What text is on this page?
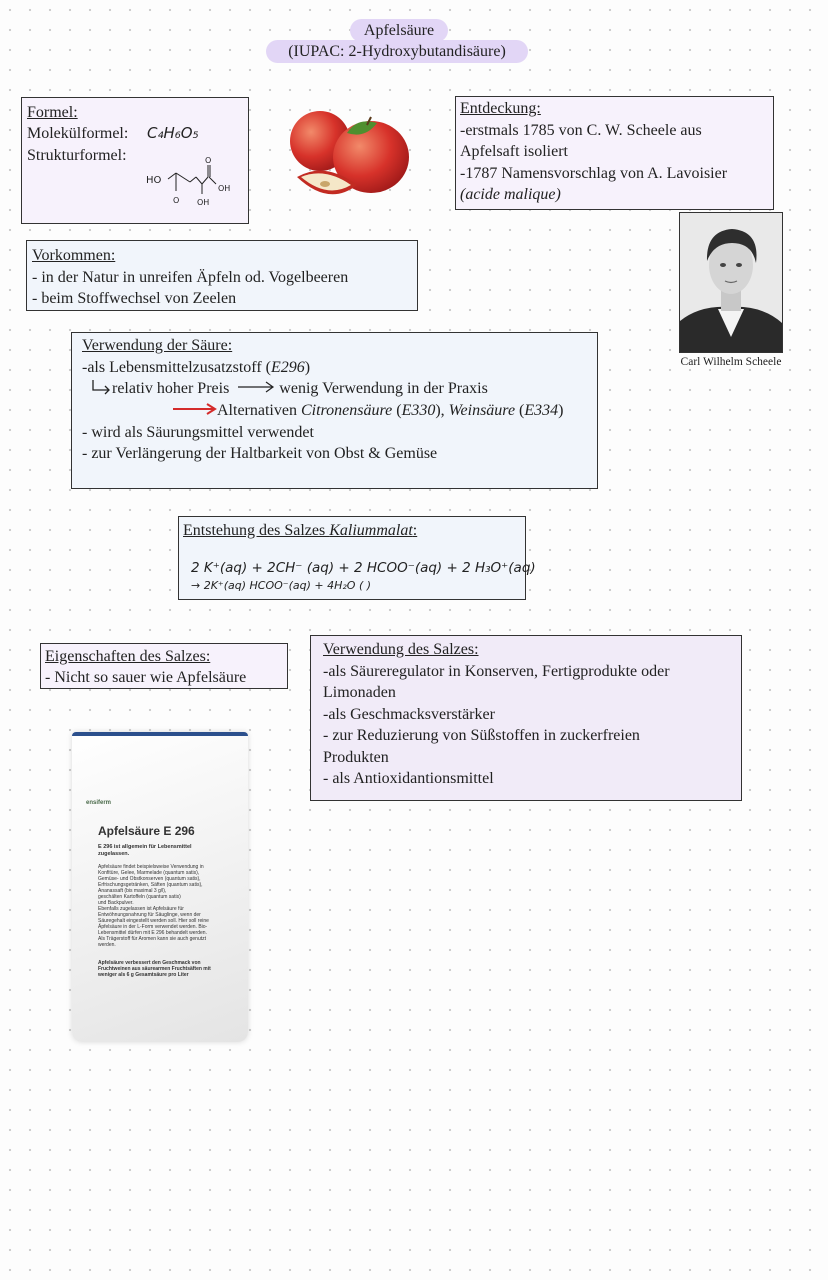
Apfelsäure
(IUPAC: 2-Hydroxybutandisäure)
Formel:
Molekülformel: C₄H₆O₅
Strukturformel:
HO
O
OH
O OH
Entdeckung:
-erstmals 1785 von C. W. Scheele aus
Apfelsaft isoliert
-1787 Namensvorschlag von A. Lavoisier
(acide malique)
Carl Wilhelm Scheele
Vorkommen:
- in der Natur in unreifen Äpfeln od. Vogelbeeren
- beim Stoffwechsel von Zeelen
Verwendung der Säure:
-als Lebensmittelzusatzstoff (E296)
relativ hoher Preis	wenig Verwendung in der Praxis
Alternativen Citronensäure (E330), Weinsäure (E334)
- wird als Säurungsmittel verwendet
- zur Verlängerung der Haltbarkeit von Obst & Gemüse
Entstehung des Salzes Kaliummalat:
2 K⁺(aq) + 2CH⁻ (aq) + 2 HCOO⁻(aq) + 2 H₃O⁺(aq)
→ 2K⁺(aq) HCOO⁻(aq) + 4H₂O ( )
Eigenschaften des Salzes:
- Nicht so sauer wie Apfelsäure
Verwendung des Salzes:
-als Säureregulator in Konserven, Fertigprodukte oder
Limonaden
-als Geschmacksverstärker
- zur Reduzierung von Süßstoffen in zuckerfreien
Produkten
- als Antioxidantionsmittel
ensiferm
Apfelsäure E 296
E 296 ist allgemein für Lebensmittel zugelassen.
Apfelsäure findet beispielsweise Verwendung in
Konfitüre, Gelee, Marmelade (quantum satis),
Gemüse- und Obstkonserven (quantum satis),
Erfrischungsgetränken, Säften (quantum satis),
Ananassaft (bis maximal 3 g/l),
geschälten Kartoffeln (quantum satis)
und Backpulver.
Ebenfalls zugelassen ist Apfelsäure für
Entwöhnungsnahrung für Säuglinge, wenn der
Säuregehalt eingestellt werden soll. Hier soll reine
Äpfelsäure in der L-Form verwendet werden. Bio-
Lebensmittel dürfen mit E 296 behandelt werden.
Als Trägerstoff für Aromen kann sie auch genutzt
werden.
Apfelsäure verbessert den Geschmack von
Fruchtweinen aus säurearmen Fruchtsäften mit
weniger als 6 g Gesamtsäure pro Liter
